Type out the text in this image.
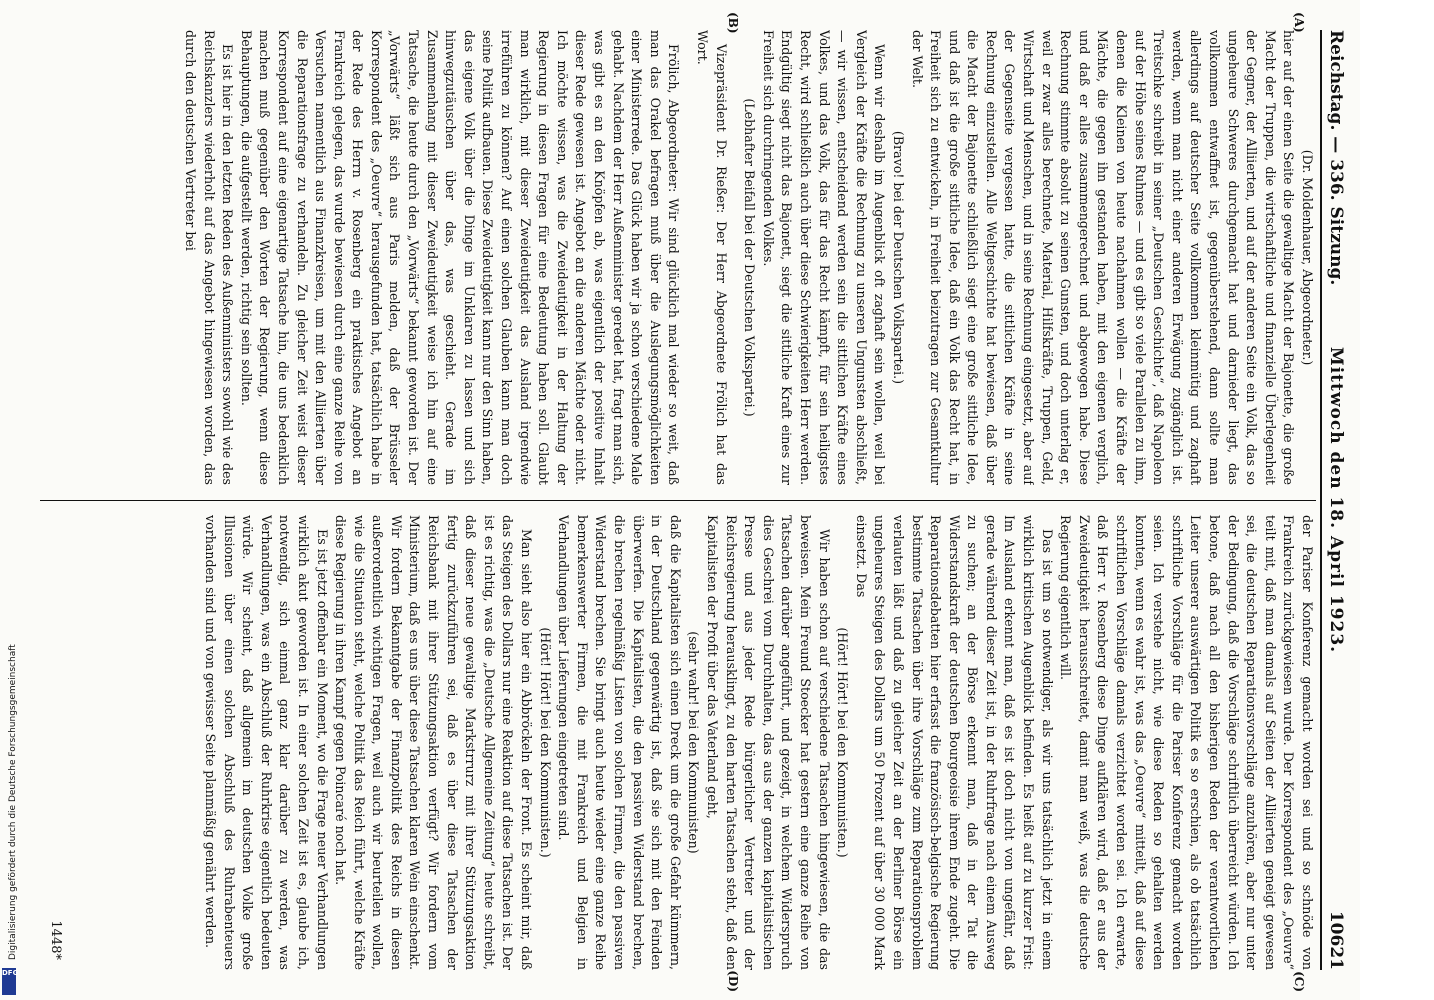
Reichstag. — 336. Sitzung.
Mittwoch den 18. April 1923.
10621
(A)
(B)
(C)
(D)

(Dr. Moldenhauer, Abgeordneter.)

hier auf der einen Seite die gewaltige Macht der Bajonette, die große Macht der Truppen, die wirtschaftliche und finanzielle Überlegenheit der Gegner, der Alliierten, und auf der anderen Seite ein Volk, das so ungeheure Schweres durchgemacht hat und darnieder liegt, das vollkommen entwaffnet ist, gegenüberstehend, dann sollte man allerdings auf deutscher Seite vollkommen kleinmütig und zaghaft werden, wenn man nicht einer anderen Erwägung zugänglich ist. Treitschke schreibt in seiner „Deutschen Geschichte“, daß Napoleon auf der Höhe seines Ruhmes — und es gibt so viele Parallelen zu ihm, denen die Kleinen von heute nachahmen wollen — die Kräfte der Mächte, die gegen ihn gestanden haben, mit den eigenen verglich, und daß er alles zusammengerechnet und abgewogen habe. Diese Rechnung stimmte absolut zu seinen Gunsten, und doch unterlag er, weil er zwar alles berechnete, Material, Hilfskräfte, Truppen, Geld, Wirtschaft und Menschen, und in seine Rechnung eingesetzt, aber auf der Gegenseite vergessen hatte, die sittlichen Kräfte in seine Rechnung einzustellen. Alle Weltgeschichte hat bewiesen, daß über die Macht der Bajonette schließlich siegt eine große sittliche Idee, und daß ist die große sittliche Idee, daß ein Volk das Recht hat, in Freiheit sich zu entwickeln, in Freiheit beizutragen zur Gesamtkultur der Welt.

(Bravo! bei der Deutschen Volkspartei.)

Wenn wir deshalb im Augenblick oft zaghaft sein wollen, weil bei Vergleich der Kräfte die Rechnung zu unseren Ungunsten abschließt, — wir wissen, entscheidend werden sein die sittlichen Kräfte eines Volkes, und das Volk, das für das Recht kämpft, für sein heiligstes Recht, wird schließlich auch über diese Schwierigkeiten Herr werden. Endgültig siegt nicht das Bajonett, siegt die sittliche Kraft eines zur Freiheit sich durchringenden Volkes.

(Lebhafter Beifall bei der Deutschen Volkspartei.)

Vizepräsident Dr. Rießer: Der Herr Abgeordnete Frölich hat das Wort.

Frölich, Abgeordneter: Wir sind glücklich mal wieder so weit, daß man das Orakel befragen muß über die Auslegungsmöglichkeiten einer Ministerrede. Das Glück haben wir ja schon verschiedene Male gehabt. Nachdem der Herr Außenminister geredet hat, fragt man sich, was gibt es an den Knöpfen ab, was eigentlich der positive Inhalt dieser Rede gewesen ist. Angebot an die anderen Mächte oder nicht. Ich möchte wissen, was die Zweideutigkeit in der Haltung der Regierung in diesen Fragen für eine Bedeutung haben soll. Glaubt man wirklich, mit dieser Zweideutigkeit das Ausland irgendwie irreführen zu können? Auf einen solchen Glauben kann man doch seine Politik aufbauen. Diese Zweideutigkeit kann nur den Sinn haben, das eigene Volk über die Dinge im Unklaren zu lassen und sich hinwegzutäuschen über das, was geschieht. Gerade im Zusammenhang mit dieser Zweideutigkeit weise ich hin auf eine Tatsache, die heute durch den „Vorwärts“ bekannt geworden ist. Der „Vorwärts“ läßt sich aus Paris melden, daß der Brüsseler Korrespondent des „Oeuvre“ herausgefunden hat, tatsächlich habe in der Rede des Herrn v. Rosenberg ein praktisches Angebot an Frankreich gelegen, das wurde bewiesen durch eine ganze Reihe von Versuchen namentlich aus Finanzkreisen, um mit den Alliierten über die Reparationsfrage zu verhandeln. Zu gleicher Zeit weist dieser Korrespondent auf eine eigenartige Tatsache hin, die uns bedenklich machen muß gegenüber den Worten der Regierung, wenn diese Behauptungen, die aufgestellt werden, richtig sein sollten.

Es ist hier in den letzten Reden des Außenministers sowohl wie des Reichskanzlers wiederholt auf das Angebot hingewiesen worden, das durch den deutschen Vertreter bei

der Pariser Konferenz gemacht worden sei und so schnöde von Frankreich zurückgewiesen wurde. Der Korrespondent des „Oeuvre“ teilt mit, daß man damals auf Seiten der Alliierten geneigt gewesen sei, die deutschen Reparationsvorschläge anzuhören, aber nur unter der Bedingung, daß die Vorschläge schriftlich überreicht würden. Ich betone, daß nach all den bisherigen Reden der verantwortlichen Leiter unserer auswärtigen Politik es so erschien, als ob tatsächlich schriftliche Vorschläge für die Pariser Konferenz gemacht worden seien. Ich verstehe nicht, wie diese Reden so gehalten werden konnten, wenn es wahr ist, was das „Oeuvre“ mitteilt, daß auf diese schriftlichen Vorschläge damals verzichtet worden sei. Ich erwarte, daß Herr v. Rosenberg diese Dinge aufklären wird, daß er aus der Zweideutigkeit herausschreitet, damit man weiß, was die deutsche Regierung eigentlich will.

Das ist um so notwendiger, als wir uns tatsächlich jetzt in einem wirklich kritischen Augenblick befinden. Es heißt auf zu kurzer Frist: Im Ausland erkennt man, daß es ist doch nicht von ungefähr, daß gerade während dieser Zeit ist, in der Ruhrfrage nach einem Ausweg zu suchen; an der Börse erkennt man, daß in der Tat die Widerstandskraft der deutschen Bourgeoisie ihrem Ende zugeht. Die Reparationsdebatten hier erfasst die französisch-belgische Regierung bestimmte Tatsachen über ihre Vorschläge zum Reparationsproblem verlauten läßt und daß zu gleicher Zeit an der Berliner Börse ein ungeheures Steigen des Dollars um 50 Prozent auf über 30 000 Mark einsetzt. Das

(Hört! Hört! bei den Kommunisten.)

Wir haben schon auf verschiedene Tatsachen hingewiesen, die das beweisen. Mein Freund Stoecker hat gestern eine ganze Reihe von Tatsachen darüber angeführt, und gezeigt, in welchem Widerspruch dies Geschrei vom Durchhalten, das aus der ganzen kapitalistischen Presse und aus jeder Rede bürgerlicher Vertreter und der Reichsregierung herausklingt, zu den harten Tatsachen steht, daß den Kapitalisten der Profit über das Vaterland geht,

(sehr wahr! bei den Kommunisten)

daß die Kapitalisten sich einen Dreck um die große Gefahr kümmern, in der Deutschland gegenwärtig ist, daß sie sich mit den Feinden überwerfen. Die Kapitalisten, die den passiven Widerstand brechen, die brechen regelmäßig Listen von solchen Firmen, die den passiven Widerstand brechen. Sie bringt auch heute wieder eine ganze Reihe bemerkenswerter Firmen, die mit Frankreich und Belgien in Verhandlungen über Lieferungen eingetreten sind.

(Hört! Hört! bei den Kommunisten.)

Man sieht also hier ein Abbröckeln der Front. Es scheint mir, daß das Steigen des Dollars nur eine Reaktion auf diese Tatsachen ist. Der ist es richtig, was die „Deutsche Allgemeine Zeitung“ heute schreibt, daß dieser neue gewaltige Markstrrurz mit ihrer Stützungsaktion fertig zurückzuführen sei, daß es über diese Tatsachen der Reichsbank mit ihrer Stützungsaktion verfügt? Wir fordern vom Ministerium, daß es uns über diese Tatsachen klaren Wein einschenkt. Wir fordern Bekanntgabe der Finanzpolitik des Reichs in diesen außerordentlich wichtigen Fragen, weil auch wir beurteilen wollen, wie die Situation steht, welche Politik das Reich führt, welche Kräfte diese Regierung in ihren Kampf gegen Poincaré noch hat.

Es ist jetzt offenbar ein Moment, wo die Frage neuer Verhandlungen wirklich akut geworden ist. In einer solchen Zeit ist es, glaube ich, notwendig, sich einmal ganz klar darüber zu werden, was Verhandlungen, was ein Abschluß der Ruhrkrise eigentlich bedeuten würde. Wir scheint, daß allgemein im deutschen Volke große Illusionen über einen solchen Abschluß des Ruhrabenteuers vorhanden sind und von gewisser Seite planmäßig genährt werden.

1448*
Digitalisierung gefördert durch die Deutsche Forschungsgemeinschaft
DFG
